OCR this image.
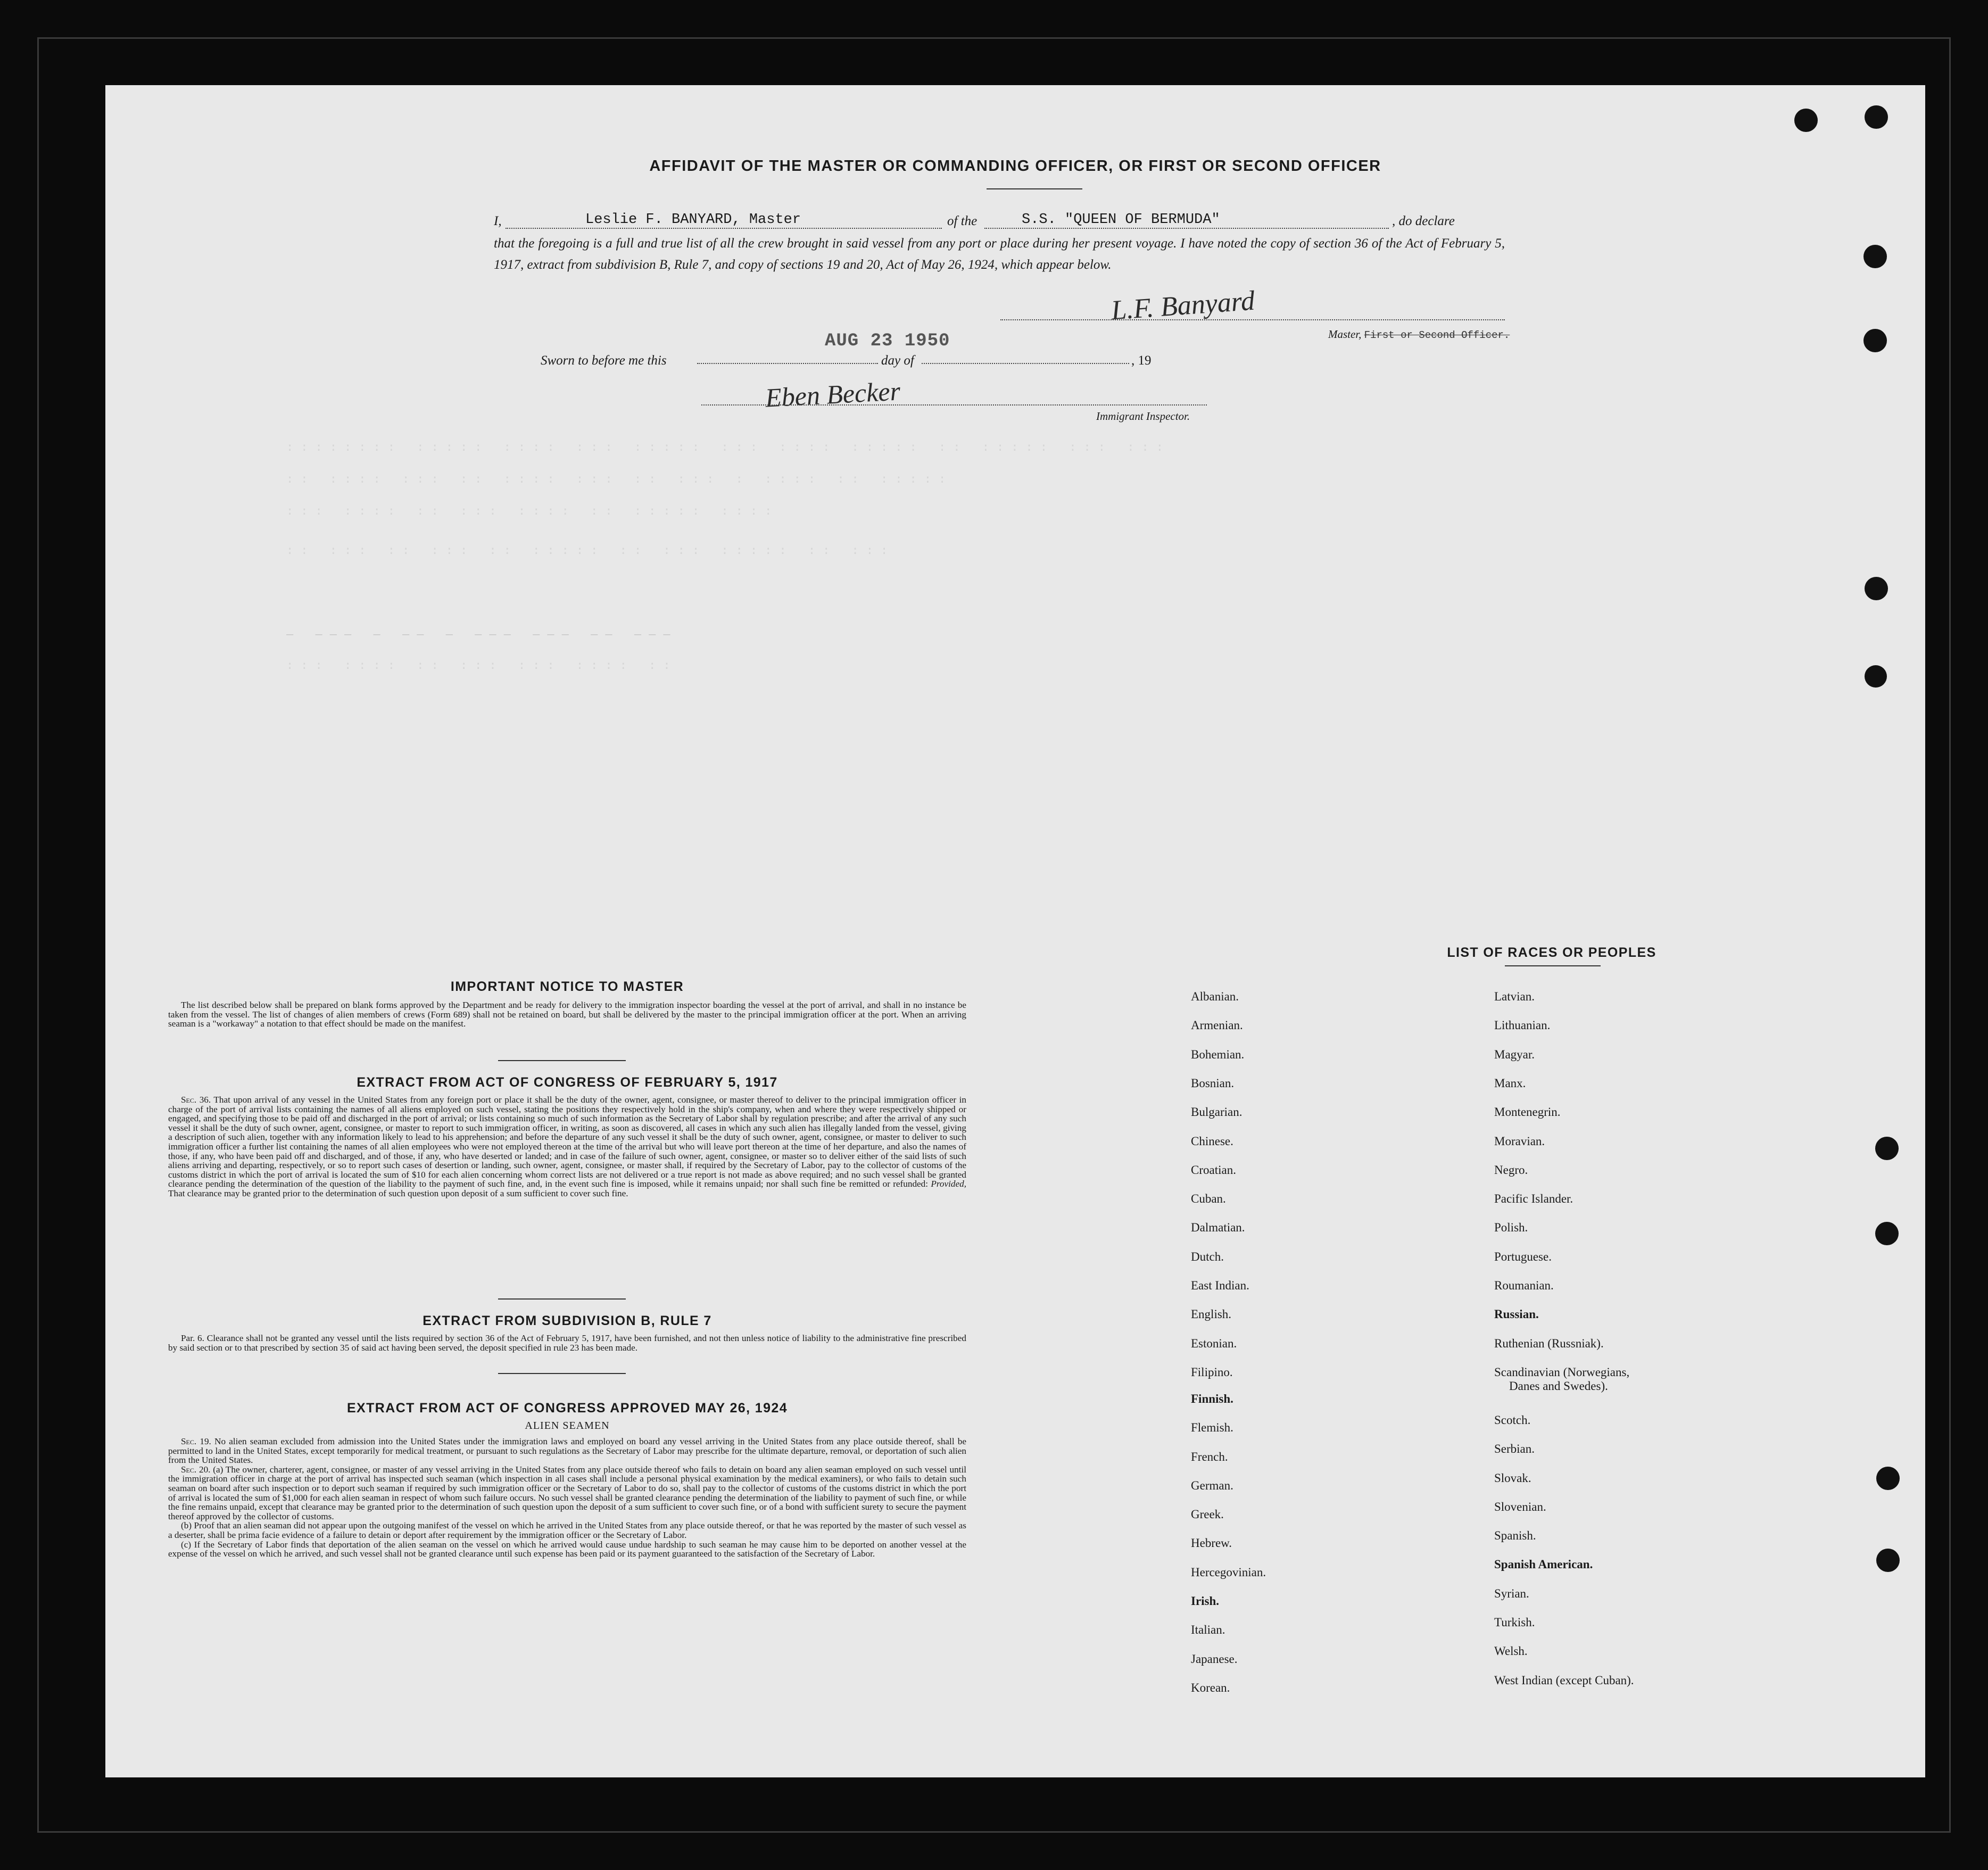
:::::::: ::::: :::: ::: ::::: ::: :::: ::::: :: ::::: ::: :::
:: :::: ::: :: :::: ::: :: ::: : :::: :: :::::
::: :::: :: ::: :::: :: ::::: ::::
:: ::: :: ::: :: ::::: :: ::: ::::: :: :::
— ——— — —— — ——— ——— —— ———
::: :::: :: ::: ::: :::: ::
AFFIDAVIT OF THE MASTER OR COMMANDING OFFICER, OR FIRST OR SECOND OFFICER
I,	Leslie F. BANYARD, Master	of the	S.S. "QUEEN OF BERMUDA"	, do declare
that the foregoing is a full and true list of all the crew brought in said vessel from any port or place during her present voyage. I have noted the copy of section 36 of the Act of February 5, 1917, extract from subdivision B, Rule 7, and copy of sections 19 and 20, Act of May 26, 1924, which appear below.
L.F. Banyard
Master, First or Second Officer.
Sworn to before me this	day of	, 19
AUG 23 1950
Eben Becker
Immigrant Inspector.
IMPORTANT NOTICE TO MASTER

The list described below shall be prepared on blank forms approved by the Department and be ready for delivery to the immigration inspector boarding the vessel at the port of arrival, and shall in no instance be taken from the vessel. The list of changes of alien members of crews (Form 689) shall not be retained on board, but shall be delivered by the master to the principal immigration officer at the port. When an arriving seaman is a "workaway" a notation to that effect should be made on the manifest.

EXTRACT FROM ACT OF CONGRESS OF FEBRUARY 5, 1917

Sec. 36. That upon arrival of any vessel in the United States from any foreign port or place it shall be the duty of the owner, agent, consignee, or master thereof to deliver to the principal immigration officer in charge of the port of arrival lists containing the names of all aliens employed on such vessel, stating the positions they respectively hold in the ship's company, when and where they were respectively shipped or engaged, and specifying those to be paid off and discharged in the port of arrival; or lists containing so much of such information as the Secretary of Labor shall by regulation prescribe; and after the arrival of any such vessel it shall be the duty of such owner, agent, consignee, or master to report to such immigration officer, in writing, as soon as discovered, all cases in which any such alien has illegally landed from the vessel, giving a description of such alien, together with any information likely to lead to his apprehension; and before the departure of any such vessel it shall be the duty of such owner, agent, consignee, or master to deliver to such immigration officer a further list containing the names of all alien employees who were not employed thereon at the time of the arrival but who will leave port thereon at the time of her departure, and also the names of those, if any, who have been paid off and discharged, and of those, if any, who have deserted or landed; and in case of the failure of such owner, agent, consignee, or master so to deliver either of the said lists of such aliens arriving and departing, respectively, or so to report such cases of desertion or landing, such owner, agent, consignee, or master shall, if required by the Secretary of Labor, pay to the collector of customs of the customs district in which the port of arrival is located the sum of $10 for each alien concerning whom correct lists are not delivered or a true report is not made as above required; and no such vessel shall be granted clearance pending the determination of the question of the liability to the payment of such fine, and, in the event such fine is imposed, while it remains unpaid; nor shall such fine be remitted or refunded: Provided, That clearance may be granted prior to the determination of such question upon deposit of a sum sufficient to cover such fine.

EXTRACT FROM SUBDIVISION B, RULE 7

Par. 6. Clearance shall not be granted any vessel until the lists required by section 36 of the Act of February 5, 1917, have been furnished, and not then unless notice of liability to the administrative fine prescribed by said section or to that prescribed by section 35 of said act having been served, the deposit specified in rule 23 has been made.

EXTRACT FROM ACT OF CONGRESS APPROVED MAY 26, 1924
ALIEN SEAMEN

Sec. 19. No alien seaman excluded from admission into the United States under the immigration laws and employed on board any vessel arriving in the United States from any place outside thereof, shall be permitted to land in the United States, except temporarily for medical treatment, or pursuant to such regulations as the Secretary of Labor may prescribe for the ultimate departure, removal, or deportation of such alien from the United States.

Sec. 20. (a) The owner, charterer, agent, consignee, or master of any vessel arriving in the United States from any place outside thereof who fails to detain on board any alien seaman employed on such vessel until the immigration officer in charge at the port of arrival has inspected such seaman (which inspection in all cases shall include a personal physical examination by the medical examiners), or who fails to detain such seaman on board after such inspection or to deport such seaman if required by such immigration officer or the Secretary of Labor to do so, shall pay to the collector of customs of the customs district in which the port of arrival is located the sum of $1,000 for each alien seaman in respect of whom such failure occurs. No such vessel shall be granted clearance pending the determination of the liability to payment of such fine, or while the fine remains unpaid, except that clearance may be granted prior to the determination of such question upon the deposit of a sum sufficient to cover such fine, or of a bond with sufficient surety to secure the payment thereof approved by the collector of customs.

(b) Proof that an alien seaman did not appear upon the outgoing manifest of the vessel on which he arrived in the United States from any place outside thereof, or that he was reported by the master of such vessel as a deserter, shall be prima facie evidence of a failure to detain or deport after requirement by the immigration officer or the Secretary of Labor.

(c) If the Secretary of Labor finds that deportation of the alien seaman on the vessel on which he arrived would cause undue hardship to such seaman he may cause him to be deported on another vessel at the expense of the vessel on which he arrived, and such vessel shall not be granted clearance until such expense has been paid or its payment guaranteed to the satisfaction of the Secretary of Labor.

LIST OF RACES OR PEOPLES
Albanian.
Armenian.
Bohemian.
Bosnian.
Bulgarian.
Chinese.
Croatian.
Cuban.
Dalmatian.
Dutch.
East Indian.
English.
Estonian.
Filipino.
Finnish.
Flemish.
French.
German.
Greek.
Hebrew.
Hercegovinian.
Irish.
Italian.
Japanese.
Korean.
Latvian.
Lithuanian.
Magyar.
Manx.
Montenegrin.
Moravian.
Negro.
Pacific Islander.
Polish.
Portuguese.
Roumanian.
Russian.
Ruthenian (Russniak).
Scandinavian (Norwegians,
Danes and Swedes).
Scotch.
Serbian.
Slovak.
Slovenian.
Spanish.
Spanish American.
Syrian.
Turkish.
Welsh.
West Indian (except Cuban).
